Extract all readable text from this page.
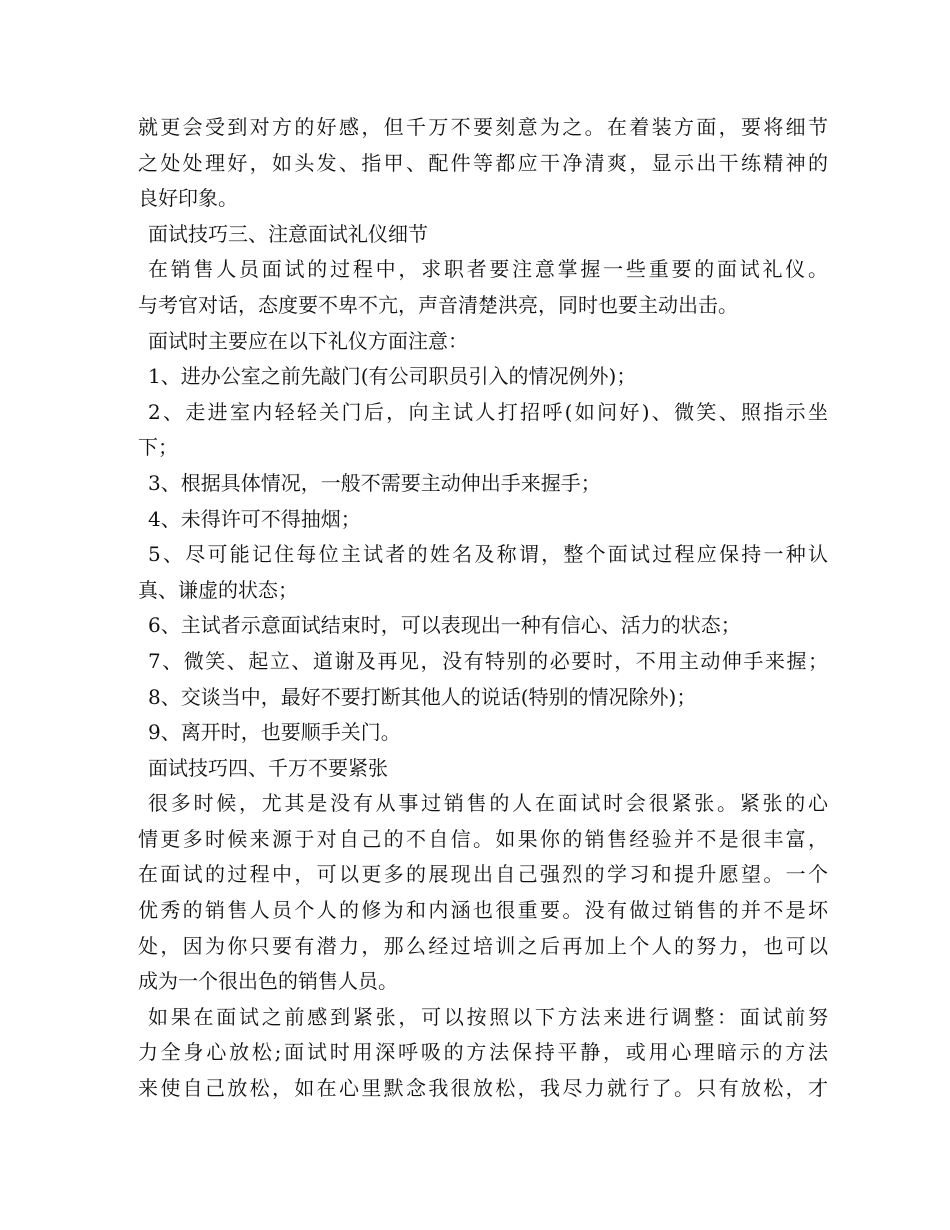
就更会受到对方的好感，但千万不要刻意为之。在着装方面，要将细节
之处处理好，如头发、指甲、配件等都应干净清爽，显示出干练精神的
良好印象。
面试技巧三、注意面试礼仪细节
在销售人员面试的过程中，求职者要注意掌握一些重要的面试礼仪。
与考官对话，态度要不卑不亢，声音清楚洪亮，同时也要主动出击。
面试时主要应在以下礼仪方面注意：
1、进办公室之前先敲门(有公司职员引入的情况例外)；
2、走进室内轻轻关门后，向主试人打招呼(如问好)、微笑、照指示坐
下；
3、根据具体情况，一般不需要主动伸出手来握手；
4、未得许可不得抽烟；
5、尽可能记住每位主试者的姓名及称谓，整个面试过程应保持一种认
真、谦虚的状态；
6、主试者示意面试结束时，可以表现出一种有信心、活力的状态；
7、微笑、起立、道谢及再见，没有特别的必要时，不用主动伸手来握；
8、交谈当中，最好不要打断其他人的说话(特别的情况除外)；
9、离开时，也要顺手关门。
面试技巧四、千万不要紧张
很多时候，尤其是没有从事过销售的人在面试时会很紧张。紧张的心
情更多时候来源于对自己的不自信。如果你的销售经验并不是很丰富，
在面试的过程中，可以更多的展现出自己强烈的学习和提升愿望。一个
优秀的销售人员个人的修为和内涵也很重要。没有做过销售的并不是坏
处，因为你只要有潜力，那么经过培训之后再加上个人的努力，也可以
成为一个很出色的销售人员。
如果在面试之前感到紧张，可以按照以下方法来进行调整：面试前努
力全身心放松;面试时用深呼吸的方法保持平静，或用心理暗示的方法
来使自己放松，如在心里默念我很放松，我尽力就行了。只有放松，才
